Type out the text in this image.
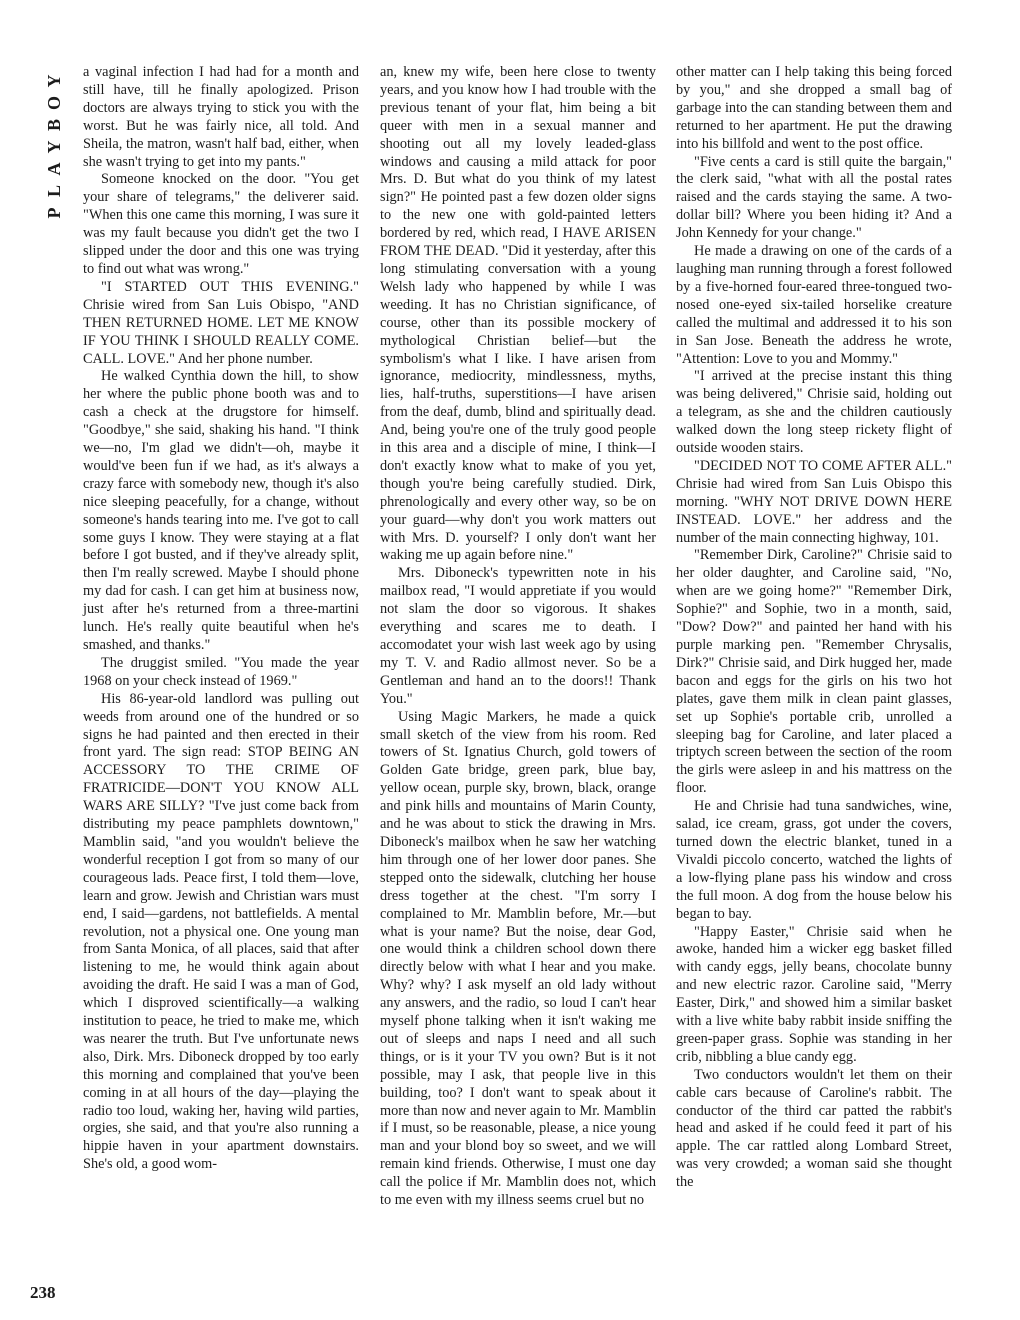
Y
O
B
Y
A
L
P

a vaginal infection I had had for a month and still have, till he finally apologized. Prison doctors are always trying to stick you with the worst. But he was fairly nice, all told. And Sheila, the matron, wasn't half bad, either, when she wasn't trying to get into my pants."

Someone knocked on the door. "You get your share of telegrams," the deliverer said. "When this one came this morning, I was sure it was my fault because you didn't get the two I slipped under the door and this one was trying to find out what was wrong."

"I STARTED OUT THIS EVENING." Chrisie wired from San Luis Obispo, "AND THEN RETURNED HOME. LET ME KNOW IF YOU THINK I SHOULD REALLY COME. CALL. LOVE." And her phone number.

He walked Cynthia down the hill, to show her where the public phone booth was and to cash a check at the drugstore for himself. "Goodbye," she said, shaking his hand. "I think we—no, I'm glad we didn't—oh, maybe it would've been fun if we had, as it's always a crazy farce with somebody new, though it's also nice sleeping peacefully, for a change, without someone's hands tearing into me. I've got to call some guys I know. They were staying at a flat before I got busted, and if they've already split, then I'm really screwed. Maybe I should phone my dad for cash. I can get him at business now, just after he's returned from a three-martini lunch. He's really quite beautiful when he's smashed, and thanks."

The druggist smiled. "You made the year 1968 on your check instead of 1969."

His 86-year-old landlord was pulling out weeds from around one of the hundred or so signs he had painted and then erected in their front yard. The sign read: STOP BEING AN ACCESSORY TO THE CRIME OF FRATRICIDE—DON'T YOU KNOW ALL WARS ARE SILLY? "I've just come back from distributing my peace pamphlets downtown," Mamblin said, "and you wouldn't believe the wonderful reception I got from so many of our courageous lads. Peace first, I told them—love, learn and grow. Jewish and Christian wars must end, I said—gardens, not battlefields. A mental revolution, not a physical one. One young man from Santa Monica, of all places, said that after listening to me, he would think again about avoiding the draft. He said I was a man of God, which I disproved scientifically—a walking institution to peace, he tried to make me, which was nearer the truth. But I've unfortunate news also, Dirk. Mrs. Diboneck dropped by too early this morning and complained that you've been coming in at all hours of the day—playing the radio too loud, waking her, having wild parties, orgies, she said, and that you're also running a hippie haven in your apartment downstairs. She's old, a good wom-

an, knew my wife, been here close to twenty years, and you know how I had trouble with the previous tenant of your flat, him being a bit queer with men in a sexual manner and shooting out all my lovely leaded-glass windows and causing a mild attack for poor Mrs. D. But what do you think of my latest sign?" He pointed past a few dozen older signs to the new one with gold-painted letters bordered by red, which read, I HAVE ARISEN FROM THE DEAD. "Did it yesterday, after this long stimulating conversation with a young Welsh lady who happened by while I was weeding. It has no Christian significance, of course, other than its possible mockery of mythological Christian belief—but the symbolism's what I like. I have arisen from ignorance, mediocrity, mindlessness, myths, lies, half-truths, superstitions—I have arisen from the deaf, dumb, blind and spiritually dead. And, being you're one of the truly good people in this area and a disciple of mine, I think—I don't exactly know what to make of you yet, though you're being carefully studied. Dirk, phrenologically and every other way, so be on your guard—why don't you work matters out with Mrs. D. yourself? I only don't want her waking me up again before nine."

Mrs. Diboneck's typewritten note in his mailbox read, "I would appretiate if you would not slam the door so vigorous. It shakes everything and scares me to death. I accomodatet your wish last week ago by using my T. V. and Radio allmost never. So be a Gentleman and hand an to the doors!! Thank You."

Using Magic Markers, he made a quick small sketch of the view from his room. Red towers of St. Ignatius Church, gold towers of Golden Gate bridge, green park, blue bay, yellow ocean, purple sky, brown, black, orange and pink hills and mountains of Marin County, and he was about to stick the drawing in Mrs. Diboneck's mailbox when he saw her watching him through one of her lower door panes. She stepped onto the sidewalk, clutching her house dress together at the chest. "I'm sorry I complained to Mr. Mamblin before, Mr.—but what is your name? But the noise, dear God, one would think a children school down there directly below with what I hear and you make. Why? why? I ask myself an old lady without any answers, and the radio, so loud I can't hear myself phone talking when it isn't waking me out of sleeps and naps I need and all such things, or is it your TV you own? But is it not possible, may I ask, that people live in this building, too? I don't want to speak about it more than now and never again to Mr. Mamblin if I must, so be reasonable, please, a nice young man and your blond boy so sweet, and we will remain kind friends. Otherwise, I must one day call the police if Mr. Mamblin does not, which to me even with my illness seems cruel but no

other matter can I help taking this being forced by you," and she dropped a small bag of garbage into the can standing between them and returned to her apartment. He put the drawing into his billfold and went to the post office.

"Five cents a card is still quite the bargain," the clerk said, "what with all the postal rates raised and the cards staying the same. A two-dollar bill? Where you been hiding it? And a John Kennedy for your change."

He made a drawing on one of the cards of a laughing man running through a forest followed by a five-horned four-eared three-tongued two-nosed one-eyed six-tailed horselike creature called the multimal and addressed it to his son in San Jose. Beneath the address he wrote, "Attention: Love to you and Mommy."

"I arrived at the precise instant this thing was being delivered," Chrisie said, holding out a telegram, as she and the children cautiously walked down the long steep rickety flight of outside wooden stairs.

"DECIDED NOT TO COME AFTER ALL." Chrisie had wired from San Luis Obispo this morning. "WHY NOT DRIVE DOWN HERE INSTEAD. LOVE." her address and the number of the main connecting highway, 101.

"Remember Dirk, Caroline?" Chrisie said to her older daughter, and Caroline said, "No, when are we going home?" "Remember Dirk, Sophie?" and Sophie, two in a month, said, "Dow? Dow?" and painted her hand with his purple marking pen. "Remember Chrysalis, Dirk?" Chrisie said, and Dirk hugged her, made bacon and eggs for the girls on his two hot plates, gave them milk in clean paint glasses, set up Sophie's portable crib, unrolled a sleeping bag for Caroline, and later placed a triptych screen between the section of the room the girls were asleep in and his mattress on the floor.

He and Chrisie had tuna sandwiches, wine, salad, ice cream, grass, got under the covers, turned down the electric blanket, tuned in a Vivaldi piccolo concerto, watched the lights of a low-flying plane pass his window and cross the full moon. A dog from the house below his began to bay.

"Happy Easter," Chrisie said when he awoke, handed him a wicker egg basket filled with candy eggs, jelly beans, chocolate bunny and new electric razor. Caroline said, "Merry Easter, Dirk," and showed him a similar basket with a live white baby rabbit inside sniffing the green-paper grass. Sophie was standing in her crib, nibbling a blue candy egg.

Two conductors wouldn't let them on their cable cars because of Caroline's rabbit. The conductor of the third car patted the rabbit's head and asked if he could feed it part of his apple. The car rattled along Lombard Street, was very crowded; a woman said she thought the

238
